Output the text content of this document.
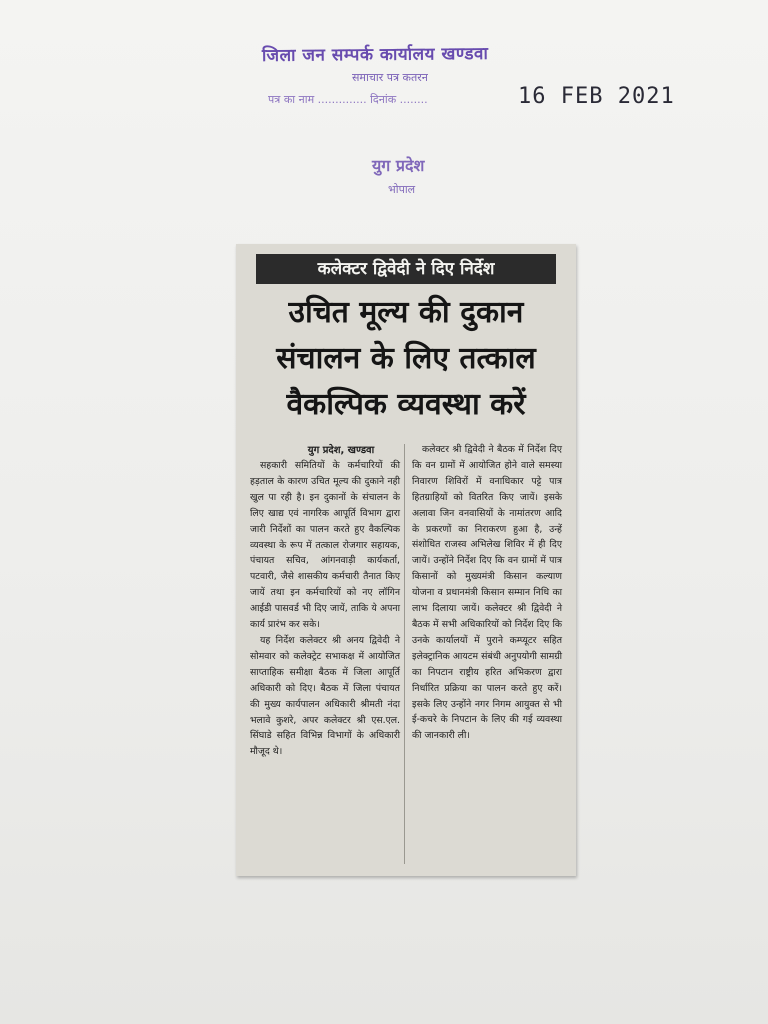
जिला जन सम्पर्क कार्यालय खण्डवा
समाचार पत्र कतरन
पत्र का नाम .............. दिनांक ........	16 FEB 2021
युग प्रदेश
भोपाल
कलेक्टर द्विवेदी ने दिए निर्देश
उचित मूल्य की दुकान
संचालन के लिए तत्काल
वैकल्पिक व्यवस्था करें
युग प्रदेश, खण्डवा

सहकारी समितियों के कर्मचारियों की हड़ताल के कारण उचित मूल्य की दुकाने नही खुल पा रही है। इन दुकानों के संचालन के लिए खाद्य एवं नागरिक आपूर्ति विभाग द्वारा जारी निर्देशों का पालन करते हुए वैकल्पिक व्यवस्था के रूप में तत्काल रोजगार सहायक, पंचायत सचिव, आंगनवाड़ी कार्यकर्ता, पटवारी, जैसे शासकीय कर्मचारी तैनात किए जायें तथा इन कर्मचारियों को नए लॉगिन आईडी पासवर्ड भी दिए जायें, ताकि ये अपना कार्य प्रारंभ कर सके।

यह निर्देश कलेक्टर श्री अनय द्विवेदी ने सोमवार को कलेक्ट्रेट सभाकक्ष में आयोजित साप्ताहिक समीक्षा बैठक में जिला आपूर्ति अधिकारी को दिए। बैठक में जिला पंचायत की मुख्य कार्यपालन अधिकारी श्रीमती नंदा भलावे कुशरे, अपर कलेक्टर श्री एस.एल. सिंघाडे सहित विभिन्न विभागों के अधिकारी मौजूद थे।

कलेक्टर श्री द्विवेदी ने बैठक में निर्देश दिए कि वन ग्रामों में आयोजित होने वाले समस्या निवारण शिविरों में वनाधिकार पट्टे पात्र हितग्राहियों को वितरित किए जायें। इसके अलावा जिन वनवासियों के नामांतरण आदि के प्रकरणों का निराकरण हुआ है, उन्हें संशोधित राजस्व अभिलेख शिविर में ही दिए जायें। उन्होंने निर्देश दिए कि वन ग्रामों में पात्र किसानों को मुख्यमंत्री किसान कल्याण योजना व प्रधानमंत्री किसान सम्मान निधि का लाभ दिलाया जायें। कलेक्टर श्री द्विवेदी ने बैठक में सभी अधिकारियों को निर्देश दिए कि उनके कार्यालयों में पुराने कम्प्यूटर सहित इलेक्ट्रानिक आयटम संबंधी अनुपयोगी सामग्री का निपटान राष्ट्रीय हरित अभिकरण द्वारा निर्धारित प्रक्रिया का पालन करते हुए करें। इसके लिए उन्होंने नगर निगम आयुक्त से भी ई-कचरे के निपटान के लिए की गई व्यवस्था की जानकारी ली।
